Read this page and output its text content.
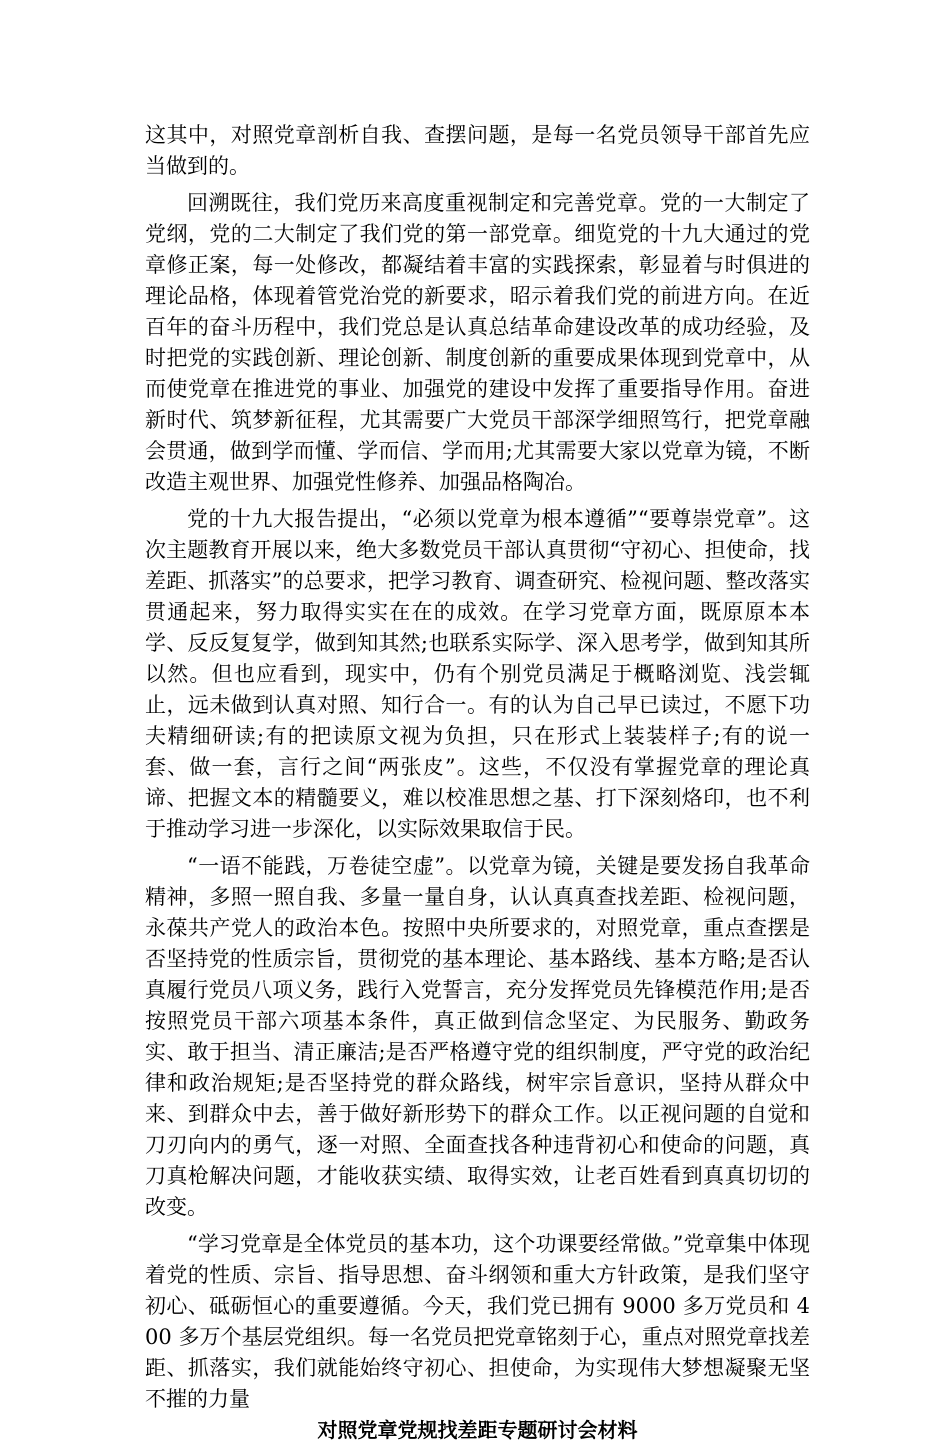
这其中，对照党章剖析自我、查摆问题，是每一名党员领导干部首先应当做到的。

回溯既往，我们党历来高度重视制定和完善党章。党的一大制定了党纲，党的二大制定了我们党的第一部党章。细览党的十九大通过的党章修正案，每一处修改，都凝结着丰富的实践探索，彰显着与时俱进的理论品格，体现着管党治党的新要求，昭示着我们党的前进方向。在近百年的奋斗历程中，我们党总是认真总结革命建设改革的成功经验，及时把党的实践创新、理论创新、制度创新的重要成果体现到党章中，从而使党章在推进党的事业、加强党的建设中发挥了重要指导作用。奋进新时代、筑梦新征程，尤其需要广大党员干部深学细照笃行，把党章融会贯通，做到学而懂、学而信、学而用;尤其需要大家以党章为镜，不断改造主观世界、加强党性修养、加强品格陶冶。

党的十九大报告提出，“必须以党章为根本遵循”“要尊崇党章”。这次主题教育开展以来，绝大多数党员干部认真贯彻“守初心、担使命，找差距、抓落实”的总要求，把学习教育、调查研究、检视问题、整改落实贯通起来，努力取得实实在在的成效。在学习党章方面，既原原本本学、反反复复学，做到知其然;也联系实际学、深入思考学，做到知其所以然。但也应看到，现实中，仍有个别党员满足于概略浏览、浅尝辄止，远未做到认真对照、知行合一。有的认为自己早已读过，不愿下功夫精细研读;有的把读原文视为负担，只在形式上装装样子;有的说一套、做一套，言行之间“两张皮”。这些，不仅没有掌握党章的理论真谛、把握文本的精髓要义，难以校准思想之基、打下深刻烙印，也不利于推动学习进一步深化，以实际效果取信于民。

“一语不能践，万卷徒空虚”。以党章为镜，关键是要发扬自我革命精神，多照一照自我、多量一量自身，认认真真查找差距、检视问题，永葆共产党人的政治本色。按照中央所要求的，对照党章，重点查摆是否坚持党的性质宗旨，贯彻党的基本理论、基本路线、基本方略;是否认真履行党员八项义务，践行入党誓言，充分发挥党员先锋模范作用;是否按照党员干部六项基本条件，真正做到信念坚定、为民服务、勤政务实、敢于担当、清正廉洁;是否严格遵守党的组织制度，严守党的政治纪律和政治规矩;是否坚持党的群众路线，树牢宗旨意识，坚持从群众中来、到群众中去，善于做好新形势下的群众工作。以正视问题的自觉和刀刃向内的勇气，逐一对照、全面查找各种违背初心和使命的问题，真刀真枪解决问题，才能收获实绩、取得实效，让老百姓看到真真切切的改变。

“学习党章是全体党员的基本功，这个功课要经常做。”党章集中体现着党的性质、宗旨、指导思想、奋斗纲领和重大方针政策，是我们坚守初心、砥砺恒心的重要遵循。今天，我们党已拥有 9000 多万党员和 400 多万个基层党组织。每一名党员把党章铭刻于心，重点对照党章找差距、抓落实，我们就能始终守初心、担使命，为实现伟大梦想凝聚无坚不摧的力量

对照党章党规找差距专题研讨会材料
